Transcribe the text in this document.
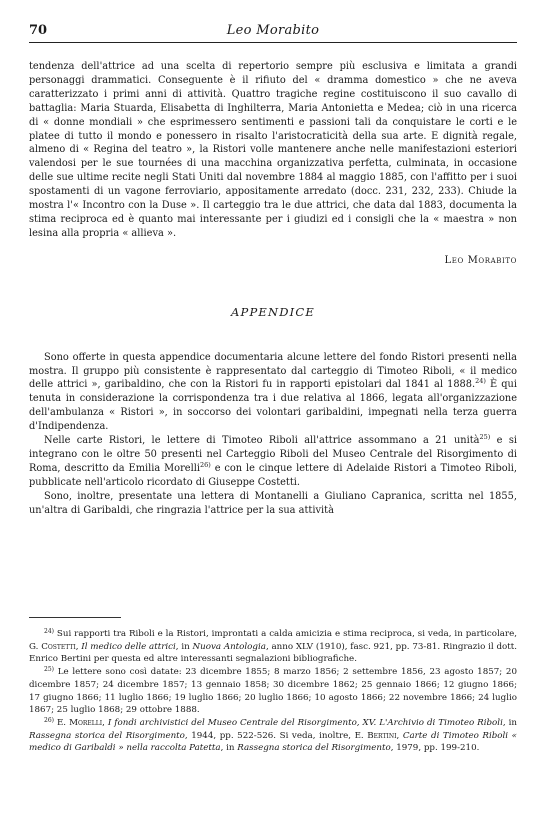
70	Leo Morabito

tendenza dell'attrice ad una scelta di repertorio sempre più esclusiva e limitata a grandi personaggi drammatici. Conseguente è il rifiuto del « dramma domestico » che ne aveva caratterizzato i primi anni di attività. Quattro tragiche regine costituiscono il suo cavallo di battaglia: Maria Stuarda, Elisabetta di Inghilterra, Maria Antonietta e Medea; ciò in una ricerca di « donne mondiali » che esprimessero sentimenti e passioni tali da conquistare le corti e le platee di tutto il mondo e ponessero in risalto l'aristocraticità della sua arte. E dignità regale, almeno di « Regina del teatro », la Ristori volle mantenere anche nelle manifestazioni esteriori valendosi per le sue tournées di una macchina organizzativa perfetta, culminata, in occasione delle sue ultime recite negli Stati Uniti dal novembre 1884 al maggio 1885, con l'affitto per i suoi spostamenti di un vagone ferroviario, appositamente arredato (docc. 231, 232, 233). Chiude la mostra l'« Incontro con la Duse ». Il carteggio tra le due attrici, che data dal 1883, documenta la stima reciproca ed è quanto mai interessante per i giudizi ed i consigli che la « maestra » non lesina alla propria « allieva ».

Leo Morabito

APPENDICE

Sono offerte in questa appendice documentaria alcune lettere del fondo Ristori presenti nella mostra. Il gruppo più consistente è rappresentato dal carteggio di Timoteo Riboli, « il medico delle attrici », garibaldino, che con la Ristori fu in rapporti epistolari dal 1841 al 1888.$^{24)}$ È qui tenuta in considerazione la corrispondenza tra i due relativa al 1866, legata all'organizzazione dell'ambulanza « Ristori », in soccorso dei volontari garibaldini, impegnati nella terza guerra d'Indipendenza.

Nelle carte Ristori, le lettere di Timoteo Riboli all'attrice assommano a 21 unità$^{25)}$ e si integrano con le oltre 50 presenti nel Carteggio Riboli del Museo Centrale del Risorgimento di Roma, descritto da Emilia Morelli$^{26)}$ e con le cinque lettere di Adelaide Ristori a Timoteo Riboli, pubblicate nell'articolo ricordato di Giuseppe Costetti.

Sono, inoltre, presentate una lettera di Montanelli a Giuliano Capranica, scritta nel 1855, un'altra di Garibaldi, che ringrazia l'attrice per la sua attività

$^{24)}$ Sui rapporti tra Riboli e la Ristori, improntati a calda amicizia e stima reciproca, si veda, in particolare, G. Costetti, Il medico delle attrici, in Nuova Antologia, anno XLV (1910), fasc. 921, pp. 73-81. Ringrazio il dott. Enrico Bertini per questa ed altre interessanti segnalazioni bibliografiche.

$^{25)}$ Le lettere sono così datate: 23 dicembre 1855; 8 marzo 1856; 2 settembre 1856, 23 agosto 1857; 20 dicembre 1857; 24 dicembre 1857; 13 gennaio 1858; 30 dicembre 1862; 25 gennaio 1866; 12 giugno 1866; 17 giugno 1866; 11 luglio 1866; 19 luglio 1866; 20 luglio 1866; 10 agosto 1866; 22 novembre 1866; 24 luglio 1867; 25 luglio 1868; 29 ottobre 1888.

$^{26)}$ E. Morelli, I fondi archivistici del Museo Centrale del Risorgimento, XV. L'Archivio di Timoteo Riboli, in Rassegna storica del Risorgimento, 1944, pp. 522-526. Si veda, inoltre, E. Bertini, Carte di Timoteo Riboli « medico di Garibaldi » nella raccolta Patetta, in Rassegna storica del Risorgimento, 1979, pp. 199-210.
